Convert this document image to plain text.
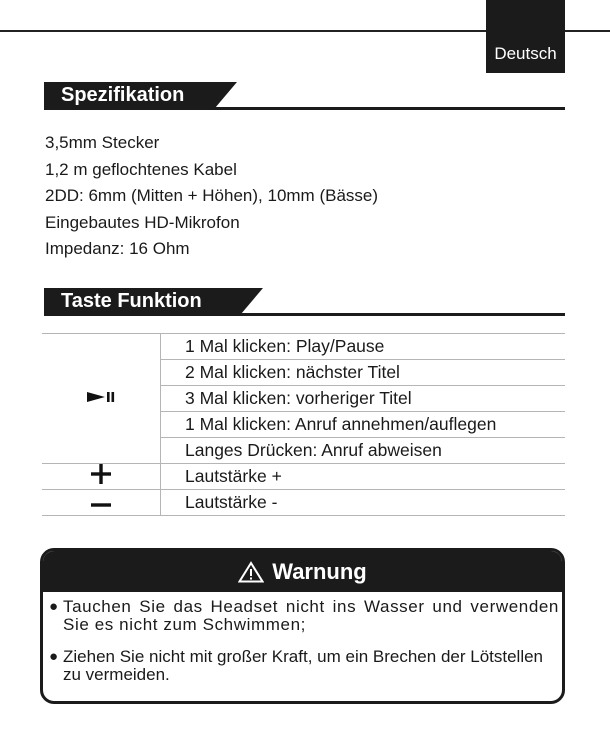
Deutsch
Spezifikation
3,5mm Stecker
1,2 m geflochtenes Kabel
2DD: 6mm (Mitten + Höhen), 10mm (Bässe)
Eingebautes HD-Mikrofon
Impedanz: 16 Ohm
Taste Funktion
	1 Mal klicken: Play/Pause
	2 Mal klicken: nächster Titel
	3 Mal klicken: vorheriger Titel
	1 Mal klicken: Anruf annehmen/auflegen
	Langes Drücken: Anruf abweisen
	Lautstärke +
	Lautstärke -
Warnung
● Tauchen Sie das Headset nicht ins Wasser und verwenden Sie es nicht zum Schwimmen;
● Ziehen Sie nicht mit großer Kraft, um ein Brechen der Lötstellen zu vermeiden.
